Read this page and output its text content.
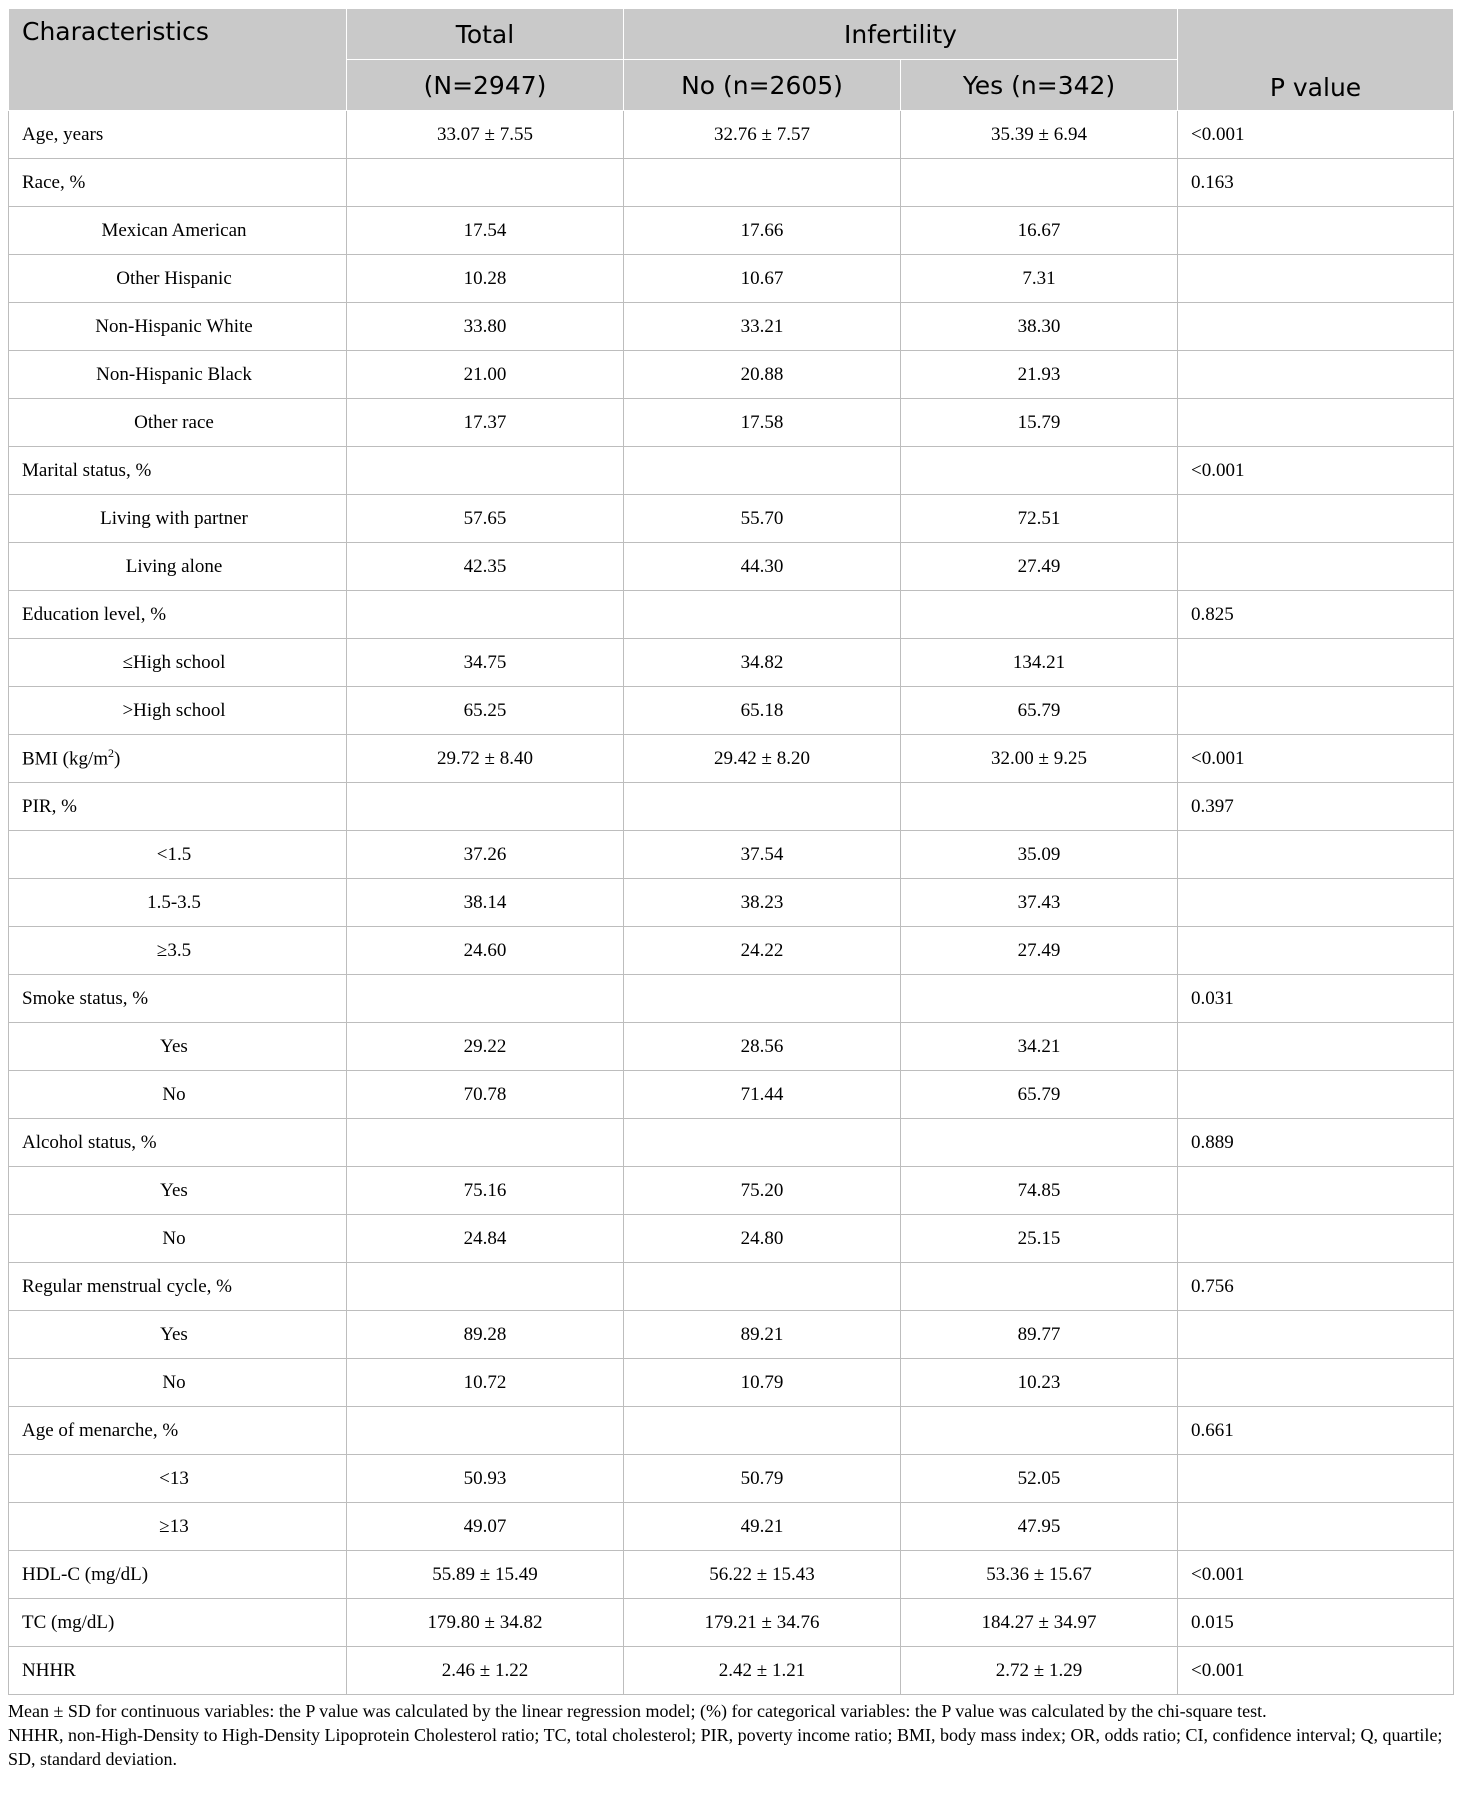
Characteristics	Total	Infertility		P value
	(N=2947)	No (n=2605)	Yes (n=342)	
Age, years	33.07 ± 7.55	32.76 ± 7.57	35.39 ± 6.94	<0.001
Race, %				0.163
Mexican American	17.54	17.66	16.67	
Other Hispanic	10.28	10.67	7.31	
Non-Hispanic White	33.80	33.21	38.30	
Non-Hispanic Black	21.00	20.88	21.93	
Other race	17.37	17.58	15.79	
Marital status, %				<0.001
Living with partner	57.65	55.70	72.51	
Living alone	42.35	44.30	27.49	
Education level, %				0.825
≤High school	34.75	34.82	134.21	
>High school	65.25	65.18	65.79	
BMI $(kg/m^2)$	29.72 ± 8.40	29.42 ± 8.20	32.00 ± 9.25	<0.001
PIR, %				0.397
<1.5	37.26	37.54	35.09	
1.5-3.5	38.14	38.23	37.43	
≥3.5	24.60	24.22	27.49	
Smoke status, %				0.031
Yes	29.22	28.56	34.21	
No	70.78	71.44	65.79	
Alcohol status, %				0.889
Yes	75.16	75.20	74.85	
No	24.84	24.80	25.15	
Regular menstrual cycle, %				0.756
Yes	89.28	89.21	89.77	
No	10.72	10.79	10.23	
Age of menarche, %				0.661
<13	50.93	50.79	52.05	
≥13	49.07	49.21	47.95	
HDL-C (mg/dL)	55.89 ± 15.49	56.22 ± 15.43	53.36 ± 15.67	<0.001
TC (mg/dL)	179.80 ± 34.82	179.21 ± 34.76	184.27 ± 34.97	0.015
NHHR	2.46 ± 1.22	2.42 ± 1.21	2.72 ± 1.29	<0.001
Mean ± SD for continuous variables: the P value was calculated by the linear regression model; (%) for categorical variables: the P value was calculated by the chi-square test.
NHHR, non-High-Density to High-Density Lipoprotein Cholesterol ratio; TC, total cholesterol; PIR, poverty income ratio; BMI, body mass index; OR, odds ratio; CI, confidence interval; Q, quartile; SD, standard deviation.
